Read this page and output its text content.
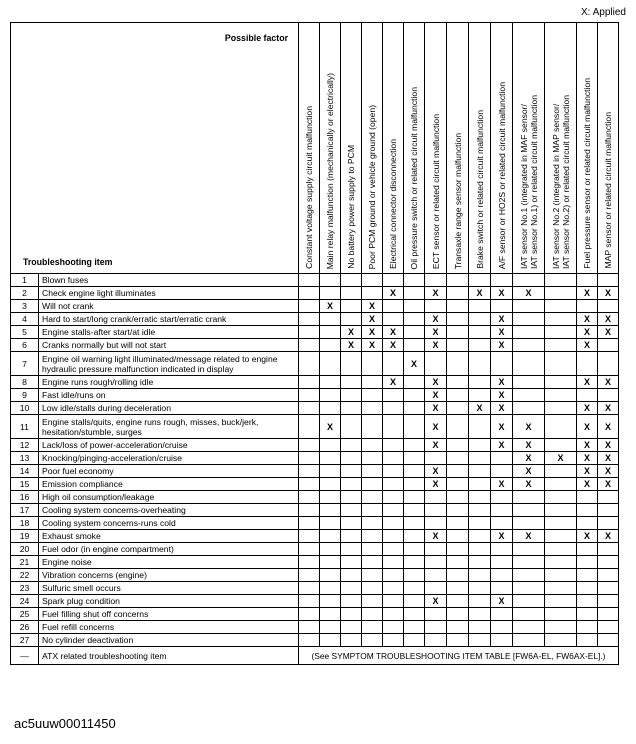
X: Applied
Possible factor
Troubleshooting item		Constant voltage supply circuit malfunction	Main relay malfunction (mechanically or electrically)	No battery power supply to PCM	Poor PCM ground or vehicle ground (open)	Electrical connector disconnection	Oil pressure switch or related circuit malfunction	ECT sensor or related circuit malfunction	Transaxle range sensor malfunction	Brake switch or related circuit malfunction	A/F sensor or HO2S or related circuit malfunction	IAT sensor No.1 (integrated in MAF sensor/
IAT sensor No.1) or related circuit malfunction	IAT sensor No.2 (integrated in MAP sensor/
IAT sensor No.2) or related circuit malfunction	Fuel pressure sensor or related circuit malfunction	MAP sensor or related circuit malfunction

1	Blown fuses														
2	Check engine light illuminates					X		X		X	X	X		X	X
3	Will not crank		X		X										
4	Hard to start/long crank/erratic start/erratic crank				X			X			X			X	X
5	Engine stalls-after start/at idle			X	X	X		X			X			X	X
6	Cranks normally but will not start			X	X	X		X			X			X	
7	Engine oil warning light illuminated/message related to engine
hydraulic pressure malfunction indicated in display						X								
8	Engine runs rough/rolling idle					X		X			X			X	X
9	Fast idle/runs on							X			X				
10	Low idle/stalls during deceleration							X		X	X			X	X
11	Engine stalls/quits, engine runs rough, misses, buck/jerk,
hesitation/stumble, surges		X					X			X	X		X	X
12	Lack/loss of power-acceleration/cruise							X			X	X		X	X
13	Knocking/pinging-acceleration/cruise											X	X	X	X
14	Poor fuel economy							X				X		X	X
15	Emission compliance							X			X	X		X	X
16	High oil consumption/leakage														
17	Cooling system concerns-overheating														
18	Cooling system concerns-runs cold														
19	Exhaust smoke							X			X	X		X	X
20	Fuel odor (in engine compartment)														
21	Engine noise														
22	Vibration concerns (engine)														
23	Sulfuric smell occurs														
24	Spark plug condition							X			X				
25	Fuel filling shut off concerns														
26	Fuel refill concerns														
27	No cylinder deactivation														
—	ATX related troubleshooting item	(See SYMPTOM TROUBLESHOOTING ITEM TABLE [FW6A-EL, FW6AX-EL].)													
ac5uuw00011450
